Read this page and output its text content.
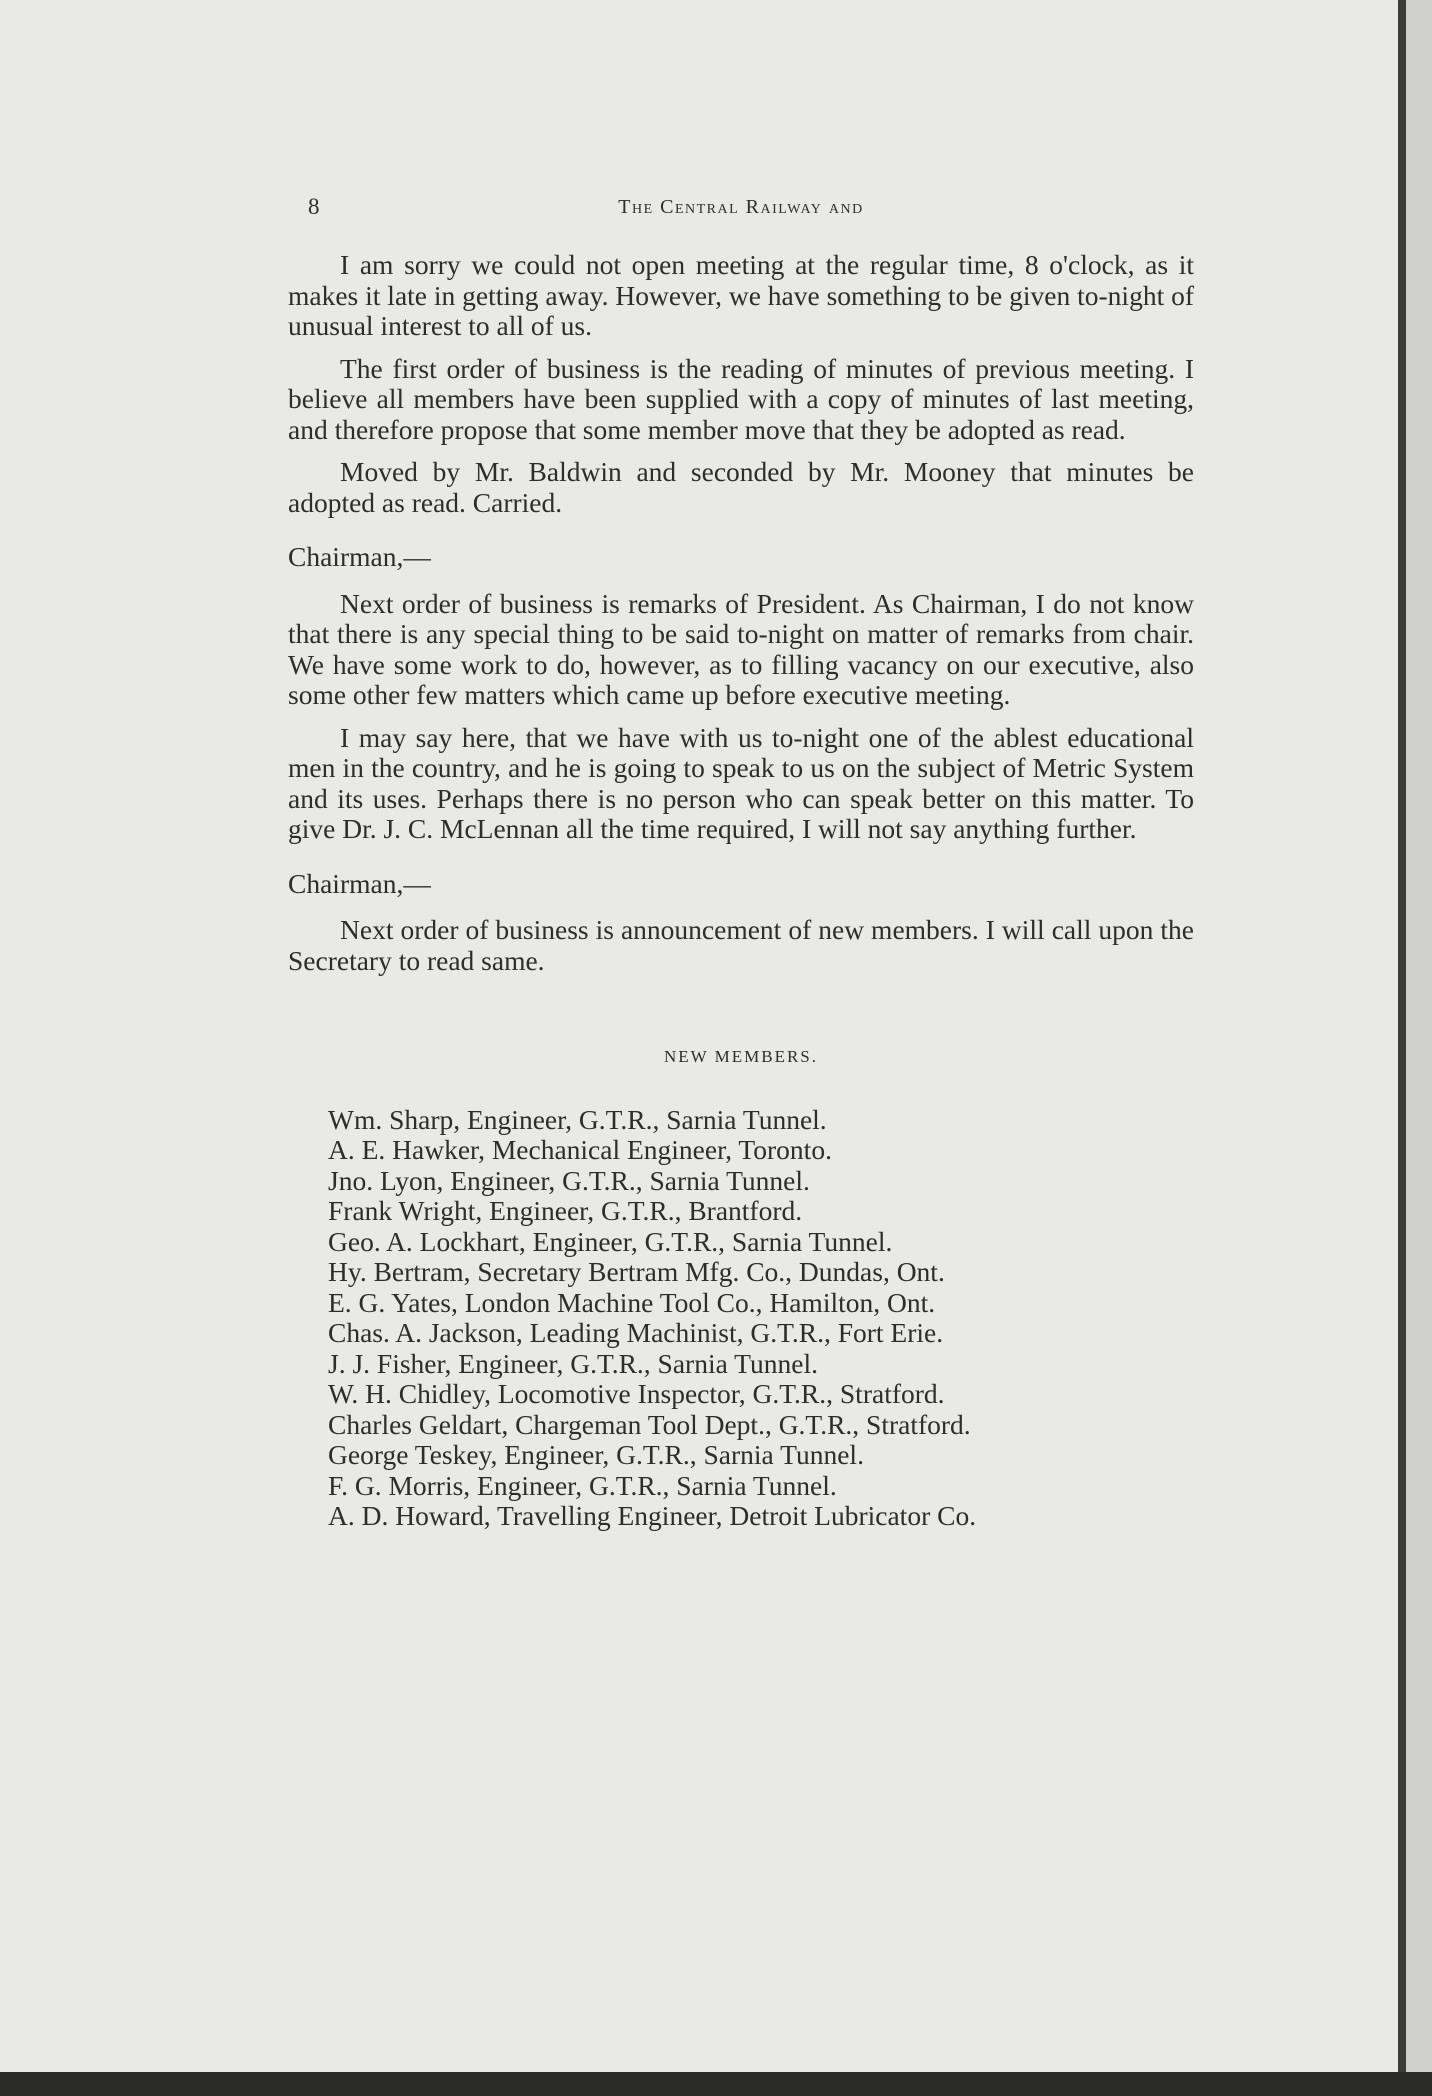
8	The Central Railway and

I am sorry we could not open meeting at the regular time, 8 o'clock, as it makes it late in getting away. However, we have something to be given to-night of unusual interest to all of us.

The first order of business is the reading of minutes of previous meeting. I believe all members have been supplied with a copy of minutes of last meeting, and therefore propose that some member move that they be adopted as read.

Moved by Mr. Baldwin and seconded by Mr. Mooney that minutes be adopted as read. Carried.

Chairman,—

Next order of business is remarks of President. As Chairman, I do not know that there is any special thing to be said to-night on matter of remarks from chair. We have some work to do, however, as to filling vacancy on our executive, also some other few matters which came up before executive meeting.

I may say here, that we have with us to-night one of the ablest educational men in the country, and he is going to speak to us on the subject of Metric System and its uses. Perhaps there is no person who can speak better on this matter. To give Dr. J. C. McLennan all the time required, I will not say anything further.

Chairman,—

Next order of business is announcement of new members. I will call upon the Secretary to read same.

NEW MEMBERS.
Wm. Sharp, Engineer, G.T.R., Sarnia Tunnel.
A. E. Hawker, Mechanical Engineer, Toronto.
Jno. Lyon, Engineer, G.T.R., Sarnia Tunnel.
Frank Wright, Engineer, G.T.R., Brantford.
Geo. A. Lockhart, Engineer, G.T.R., Sarnia Tunnel.
Hy. Bertram, Secretary Bertram Mfg. Co., Dundas, Ont.
E. G. Yates, London Machine Tool Co., Hamilton, Ont.
Chas. A. Jackson, Leading Machinist, G.T.R., Fort Erie.
J. J. Fisher, Engineer, G.T.R., Sarnia Tunnel.
W. H. Chidley, Locomotive Inspector, G.T.R., Stratford.
Charles Geldart, Chargeman Tool Dept., G.T.R., Stratford.
George Teskey, Engineer, G.T.R., Sarnia Tunnel.
F. G. Morris, Engineer, G.T.R., Sarnia Tunnel.
A. D. Howard, Travelling Engineer, Detroit Lubricator Co.
